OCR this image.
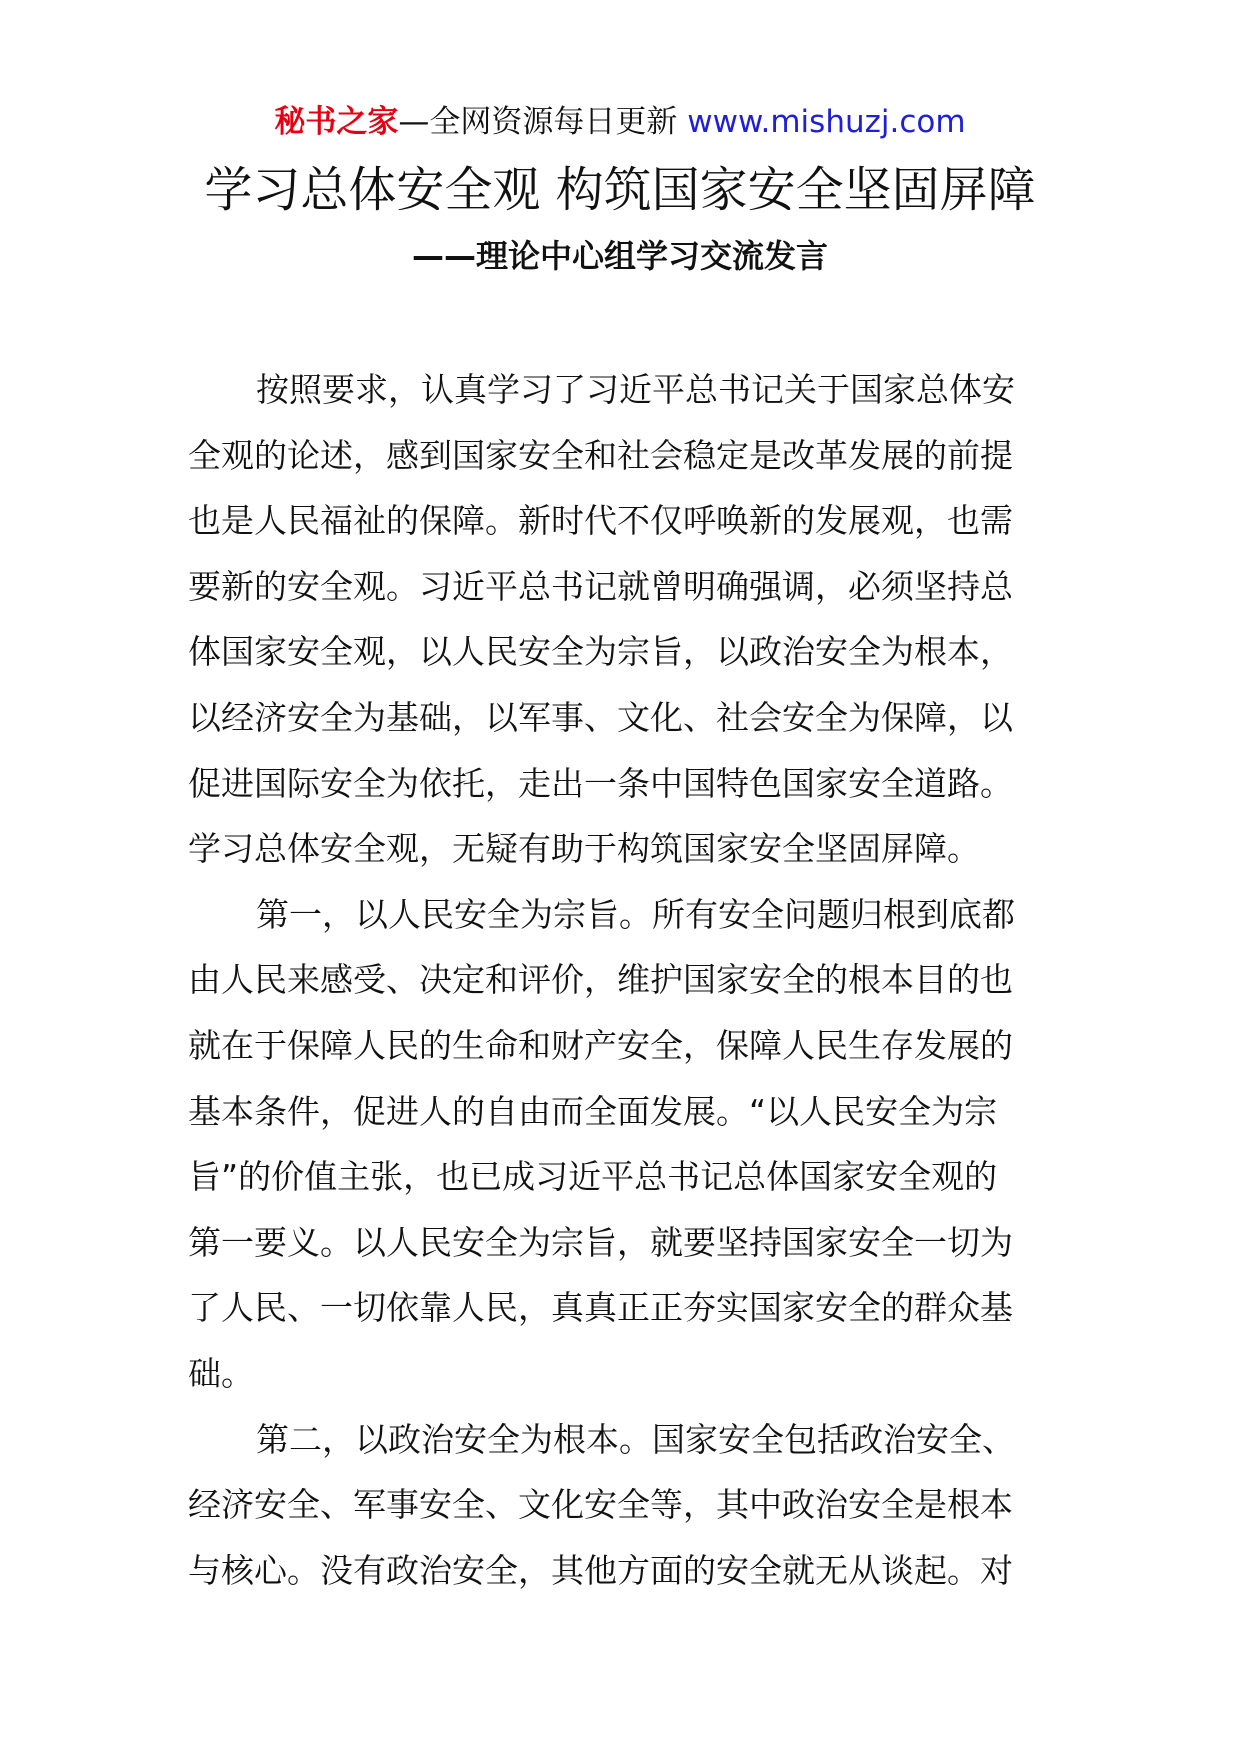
秘书之家—全网资源每日更新 www.mishuzj.com
学习总体安全观 构筑国家安全坚固屏障
——理论中心组学习交流发言
按照要求，认真学习了习近平总书记关于国家总体安
全观的论述，感到国家安全和社会稳定是改革发展的前提
也是人民福祉的保障。新时代不仅呼唤新的发展观，也需
要新的安全观。习近平总书记就曾明确强调，必须坚持总
体国家安全观，以人民安全为宗旨，以政治安全为根本，
以经济安全为基础，以军事、文化、社会安全为保障，以
促进国际安全为依托，走出一条中国特色国家安全道路。
学习总体安全观，无疑有助于构筑国家安全坚固屏障。
第一，以人民安全为宗旨。所有安全问题归根到底都
由人民来感受、决定和评价，维护国家安全的根本目的也
就在于保障人民的生命和财产安全，保障人民生存发展的
基本条件，促进人的自由而全面发展。“以人民安全为宗
旨”的价值主张，也已成习近平总书记总体国家安全观的
第一要义。以人民安全为宗旨，就要坚持国家安全一切为
了人民、一切依靠人民，真真正正夯实国家安全的群众基
础。
第二，以政治安全为根本。国家安全包括政治安全、
经济安全、军事安全、文化安全等，其中政治安全是根本
与核心。没有政治安全，其他方面的安全就无从谈起。对
